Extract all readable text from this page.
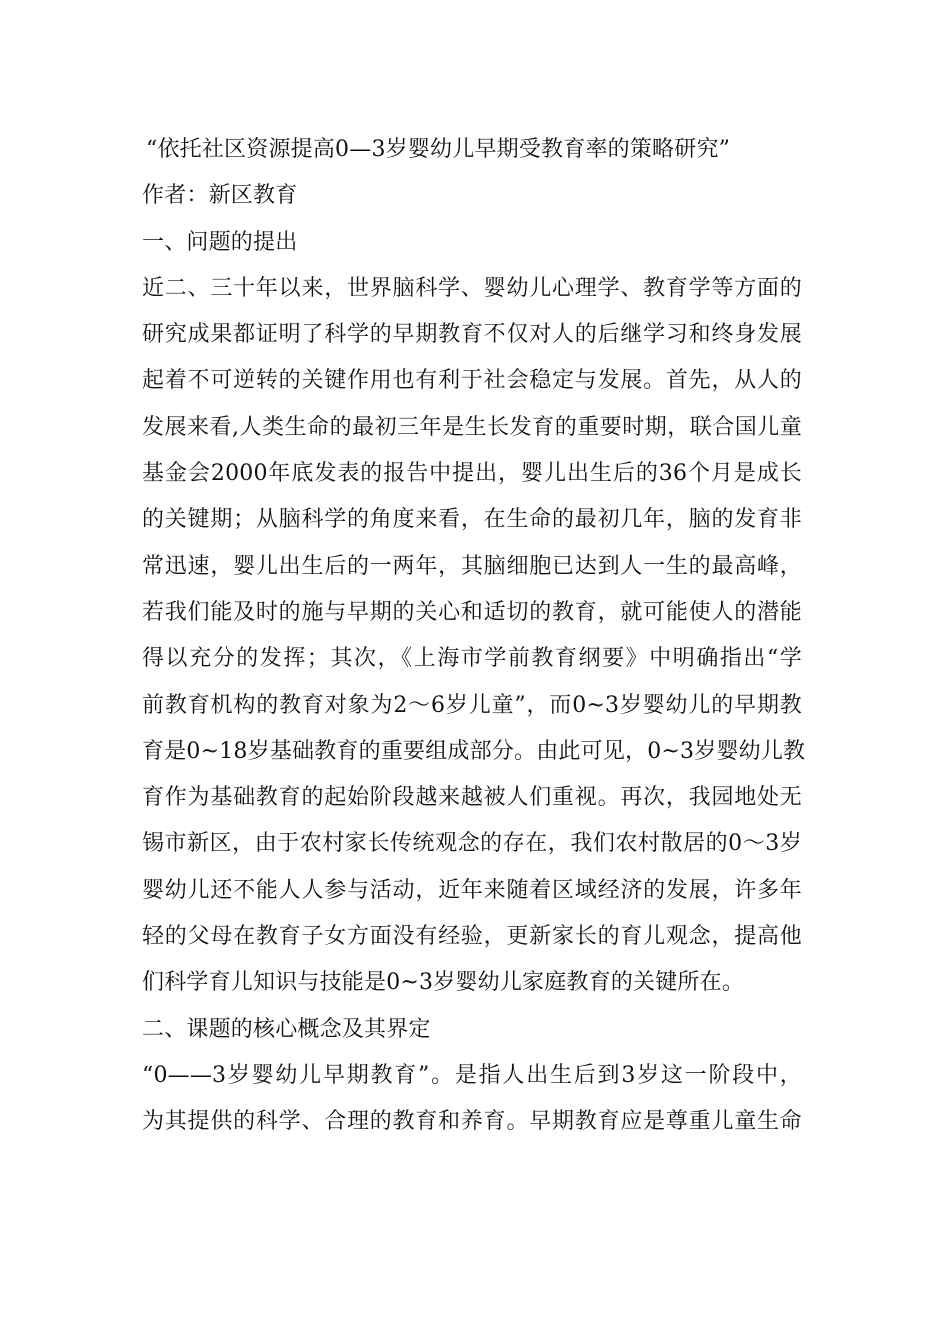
“依托社区资源提高0—3岁婴幼儿早期受教育率的策略研究”
作者：新区教育
一、问题的提出
近二、三十年以来，世界脑科学、婴幼儿心理学、教育学等方面的
研究成果都证明了科学的早期教育不仅对人的后继学习和终身发展
起着不可逆转的关键作用也有利于社会稳定与发展。首先，从人的
发展来看,人类生命的最初三年是生长发育的重要时期，联合国儿童
基金会2000年底发表的报告中提出，婴儿出生后的36个月是成长
的关键期；从脑科学的角度来看，在生命的最初几年，脑的发育非
常迅速，婴儿出生后的一两年，其脑细胞已达到人一生的最高峰，
若我们能及时的施与早期的关心和适切的教育，就可能使人的潜能
得以充分的发挥；其次，《上海市学前教育纲要》中明确指出“学
前教育机构的教育对象为2～6岁儿童”，而0~3岁婴幼儿的早期教
育是0~18岁基础教育的重要组成部分。由此可见，0~3岁婴幼儿教
育作为基础教育的起始阶段越来越被人们重视。再次，我园地处无
锡市新区，由于农村家长传统观念的存在，我们农村散居的0～3岁
婴幼儿还不能人人参与活动，近年来随着区域经济的发展，许多年
轻的父母在教育子女方面没有经验，更新家长的育儿观念，提高他
们科学育儿知识与技能是0~3岁婴幼儿家庭教育的关键所在。
二、课题的核心概念及其界定
“0——3岁婴幼儿早期教育”。是指人出生后到3岁这一阶段中，
为其提供的科学、合理的教育和养育。早期教育应是尊重儿童生命
